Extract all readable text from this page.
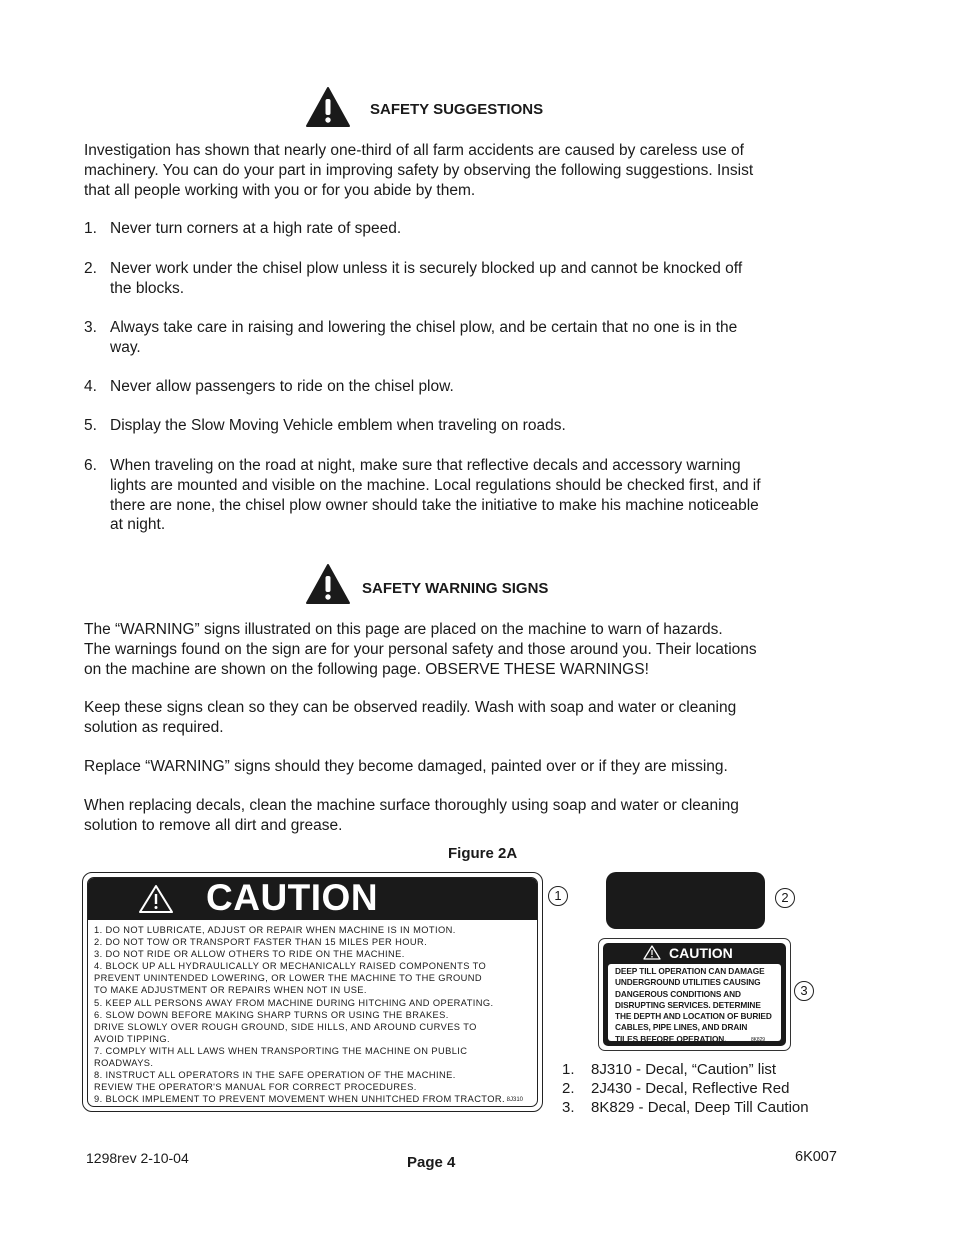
SAFETY SUGGESTIONS
Investigation has shown that nearly one-third of all farm accidents are caused by careless use of
machinery. You can do your part in improving safety by observing the following suggestions. Insist
that all people working with you or for you abide by them.
1. Never turn corners at a high rate of speed.
2. Never work under the chisel plow unless it is securely blocked up and cannot be knocked off
the blocks.
3. Always take care in raising and lowering the chisel plow, and be certain that no one is in the
way.
4. Never allow passengers to ride on the chisel plow.
5. Display the Slow Moving Vehicle emblem when traveling on roads.
6. When traveling on the road at night, make sure that reflective decals and accessory warning
lights are mounted and visible on the machine. Local regulations should be checked first, and if
there are none, the chisel plow owner should take the initiative to make his machine noticeable
at night.
SAFETY WARNING SIGNS
The “WARNING” signs illustrated on this page are placed on the machine to warn of hazards.
The warnings found on the sign are for your personal safety and those around you. Their locations
on the machine are shown on the following page. OBSERVE THESE WARNINGS!
Keep these signs clean so they can be observed readily. Wash with soap and water or cleaning
solution as required.
Replace “WARNING” signs should they become damaged, painted over or if they are missing.
When replacing decals, clean the machine surface thoroughly using soap and water or cleaning
solution to remove all dirt and grease.
Figure 2A
CAUTION
1. DO NOT LUBRICATE, ADJUST OR REPAIR WHEN MACHINE IS IN MOTION.
2. DO NOT TOW OR TRANSPORT FASTER THAN 15 MILES PER HOUR.
3. DO NOT RIDE OR ALLOW OTHERS TO RIDE ON THE MACHINE.
4. BLOCK UP ALL HYDRAULICALLY OR MECHANICALLY RAISED COMPONENTS TO
PREVENT UNINTENDED LOWERING, OR LOWER THE MACHINE TO THE GROUND
TO MAKE ADJUSTMENT OR REPAIRS WHEN NOT IN USE.
5. KEEP ALL PERSONS AWAY FROM MACHINE DURING HITCHING AND OPERATING.
6. SLOW DOWN BEFORE MAKING SHARP TURNS OR USING THE BRAKES.
DRIVE SLOWLY OVER ROUGH GROUND, SIDE HILLS, AND AROUND CURVES TO
AVOID TIPPING.
7. COMPLY WITH ALL LAWS WHEN TRANSPORTING THE MACHINE ON PUBLIC
ROADWAYS.
8. INSTRUCT ALL OPERATORS IN THE SAFE OPERATION OF THE MACHINE.
REVIEW THE OPERATOR'S MANUAL FOR CORRECT PROCEDURES.
9. BLOCK IMPLEMENT TO PREVENT MOVEMENT WHEN UNHITCHED FROM TRACTOR. 8J310
1	2
3
CAUTION
DEEP TILL OPERATION CAN DAMAGE
UNDERGROUND UTILITIES CAUSING
DANGEROUS CONDITIONS AND
DISRUPTING SERVICES. DETERMINE
THE DEPTH AND LOCATION OF BURIED
CABLES, PIPE LINES, AND DRAIN
TILES BEFORE OPERATION.	8K829
1. 8J310 - Decal, “Caution” list
2. 2J430 - Decal, Reflective Red
3. 8K829 - Decal, Deep Till Caution
1298rev 2-10-04	Page 4	6K007
